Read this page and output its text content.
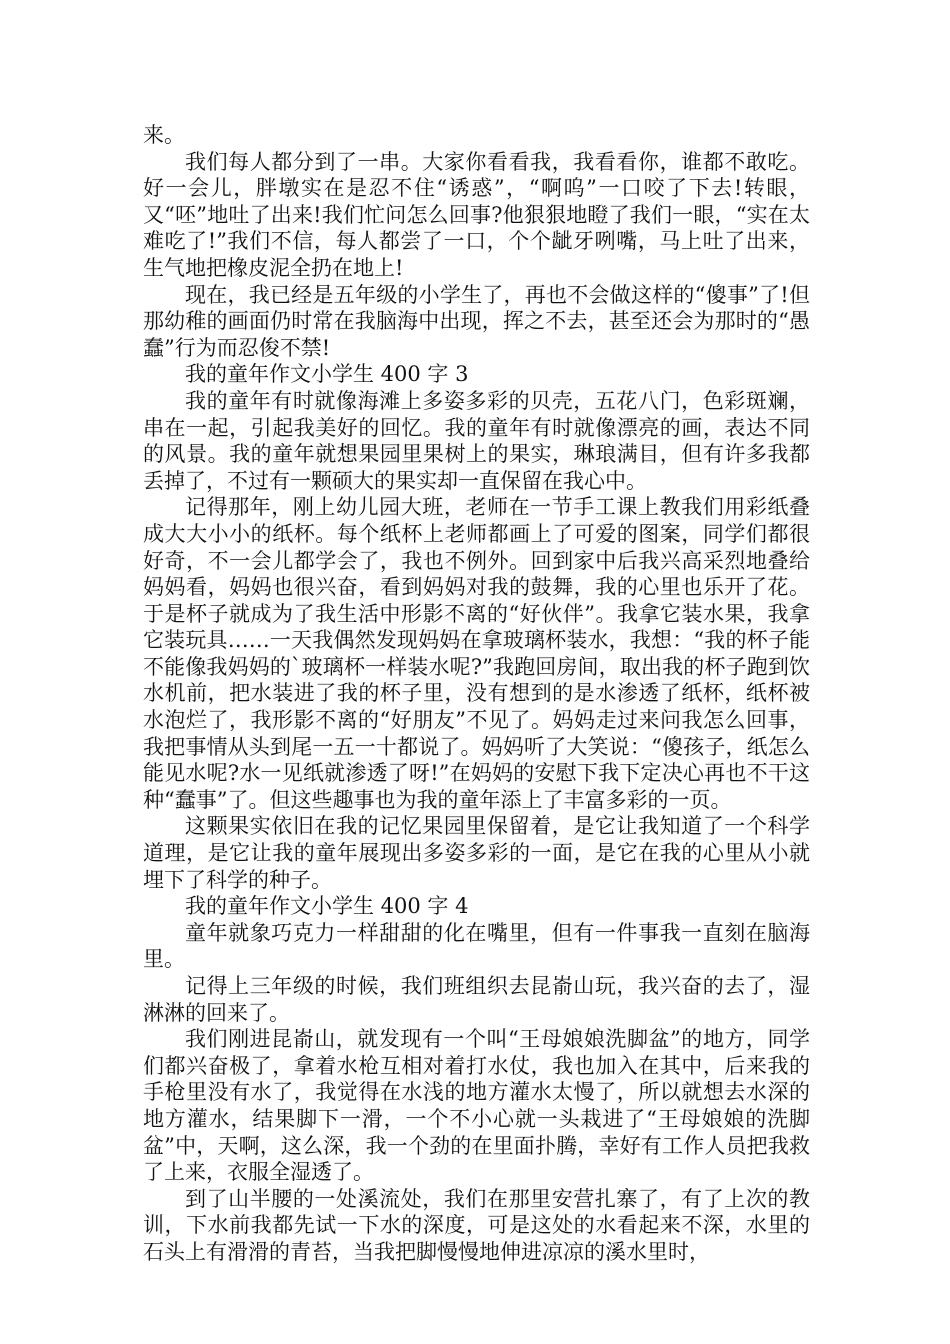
来。

我们每人都分到了一串。大家你看看我，我看看你，谁都不敢吃。好一会儿，胖墩实在是忍不住“诱惑”，“啊呜”一口咬了下去!转眼，又“呸”地吐了出来!我们忙问怎么回事?他狠狠地瞪了我们一眼，“实在太难吃了!”我们不信，每人都尝了一口，个个龇牙咧嘴，马上吐了出来，生气地把橡皮泥全扔在地上!

现在，我已经是五年级的小学生了，再也不会做这样的“傻事”了!但那幼稚的画面仍时常在我脑海中出现，挥之不去，甚至还会为那时的“愚蠢”行为而忍俊不禁!

我的童年作文小学生 400 字 3

我的童年有时就像海滩上多姿多彩的贝壳，五花八门，色彩斑斓，串在一起，引起我美好的回忆。我的童年有时就像漂亮的画，表达不同的风景。我的童年就想果园里果树上的果实，琳琅满目，但有许多我都丢掉了，不过有一颗硕大的果实却一直保留在我心中。

记得那年，刚上幼儿园大班，老师在一节手工课上教我们用彩纸叠成大大小小的纸杯。每个纸杯上老师都画上了可爱的图案，同学们都很好奇，不一会儿都学会了，我也不例外。回到家中后我兴高采烈地叠给妈妈看，妈妈也很兴奋，看到妈妈对我的鼓舞，我的心里也乐开了花。于是杯子就成为了我生活中形影不离的“好伙伴”。我拿它装水果，我拿它装玩具……一天我偶然发现妈妈在拿玻璃杯装水，我想：“我的杯子能不能像我妈妈的`玻璃杯一样装水呢?”我跑回房间，取出我的杯子跑到饮水机前，把水装进了我的杯子里，没有想到的是水渗透了纸杯，纸杯被水泡烂了，我形影不离的“好朋友”不见了。妈妈走过来问我怎么回事，我把事情从头到尾一五一十都说了。妈妈听了大笑说：“傻孩子，纸怎么能见水呢?水一见纸就渗透了呀!”在妈妈的安慰下我下定决心再也不干这种“蠢事”了。但这些趣事也为我的童年添上了丰富多彩的一页。

这颗果实依旧在我的记忆果园里保留着，是它让我知道了一个科学道理，是它让我的童年展现出多姿多彩的一面，是它在我的心里从小就埋下了科学的种子。

我的童年作文小学生 400 字 4

童年就象巧克力一样甜甜的化在嘴里，但有一件事我一直刻在脑海里。

记得上三年级的时候，我们班组织去昆嵛山玩，我兴奋的去了，湿淋淋的回来了。

我们刚进昆嵛山，就发现有一个叫“王母娘娘洗脚盆”的地方，同学们都兴奋极了，拿着水枪互相对着打水仗，我也加入在其中，后来我的手枪里没有水了，我觉得在水浅的地方灌水太慢了，所以就想去水深的地方灌水，结果脚下一滑，一个不小心就一头栽进了“王母娘娘的洗脚盆”中，天啊，这么深，我一个劲的在里面扑腾，幸好有工作人员把我救了上来，衣服全湿透了。

到了山半腰的一处溪流处，我们在那里安营扎寨了，有了上次的教训，下水前我都先试一下水的深度，可是这处的水看起来不深，水里的石头上有滑滑的青苔，当我把脚慢慢地伸进凉凉的溪水里时，
